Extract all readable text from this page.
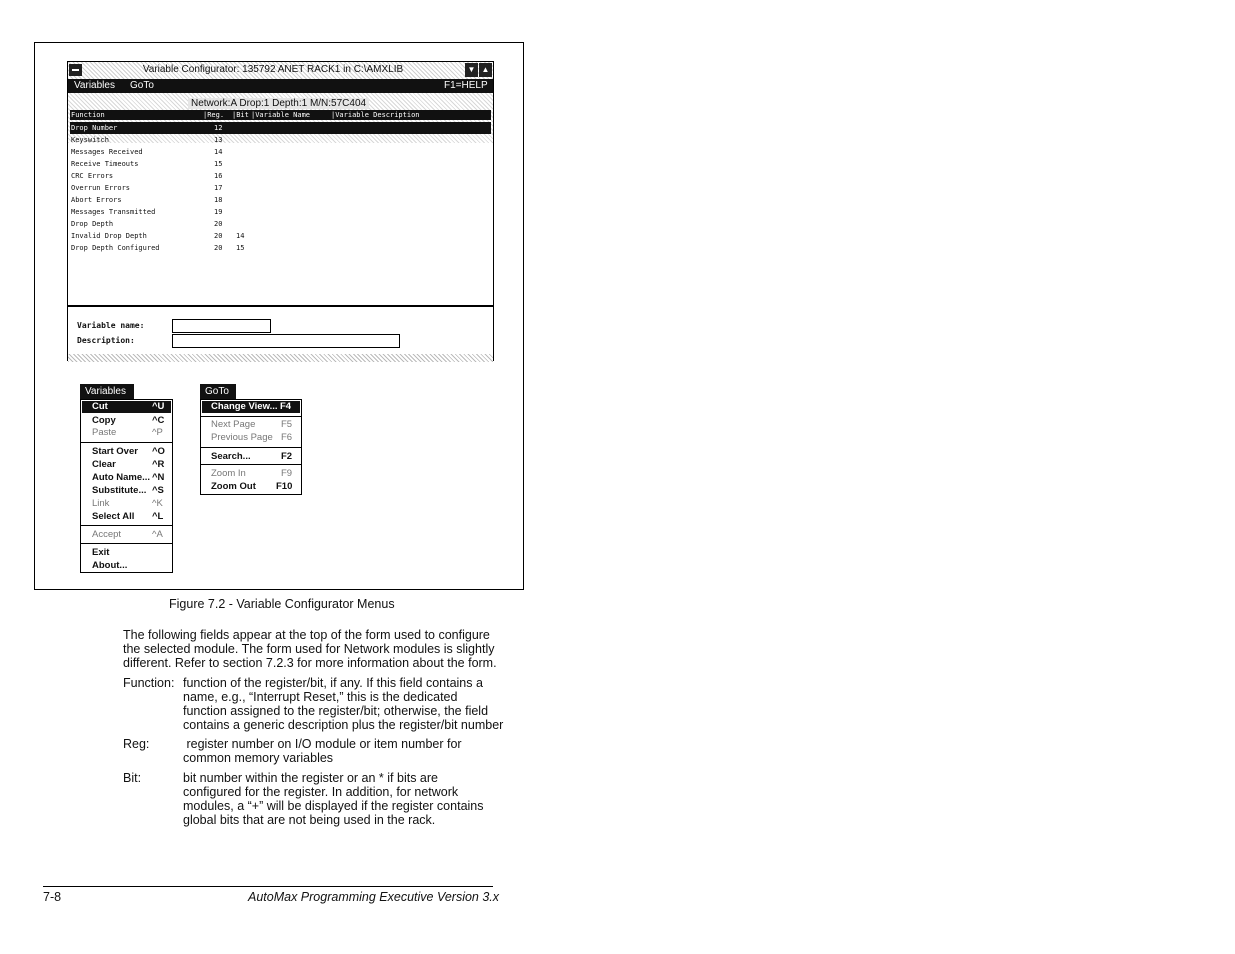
Variable Configurator: 135792 ANET RACK1 in C:\AMXLIB	▼ ▲
Variables GoTo	F1=HELP
Network:A Drop:1 Depth:1 M/N:57C404
Function	|Reg. |Bit |Variable Name	|Variable Description
Drop Number	12
Keyswitch	13
Messages Received	14
Receive Timeouts	15
CRC Errors	16
Overrun Errors	17
Abort Errors	18
Messages Transmitted	19
Drop Depth	20
Invalid Drop Depth	20 14
Drop Depth Configured	20 15
Variable name:
Description:
Variables
Cut	^U
Copy	^C
Paste	^P
Start Over ^O
Clear	^R
Auto Name... ^N
Substitute... ^S
Link	^K
Select All ^L
Accept	^A
Exit
About...
GoTo
Change View... F4
Next Page	F5
Previous Page F6
Search...	F2
Zoom In	F9
Zoom Out F10
Figure 7.2 - Variable Configurator Menus
The following fields appear at the top of the form used to configure
the selected module. The form used for Network modules is slightly
different. Refer to section 7.2.3 for more information about the form.
Function: function of the register/bit, if any. If this field contains a
name, e.g., “Interrupt Reset,” this is the dedicated
function assigned to the register/bit; otherwise, the field
contains a generic description plus the register/bit number
Reg:	register number on I/O module or item number for
common memory variables
Bit:	bit number within the register or an * if bits are
configured for the register. In addition, for network
modules, a “+” will be displayed if the register contains
global bits that are not being used in the rack.
7-8	AutoMax Programming Executive Version 3.x
